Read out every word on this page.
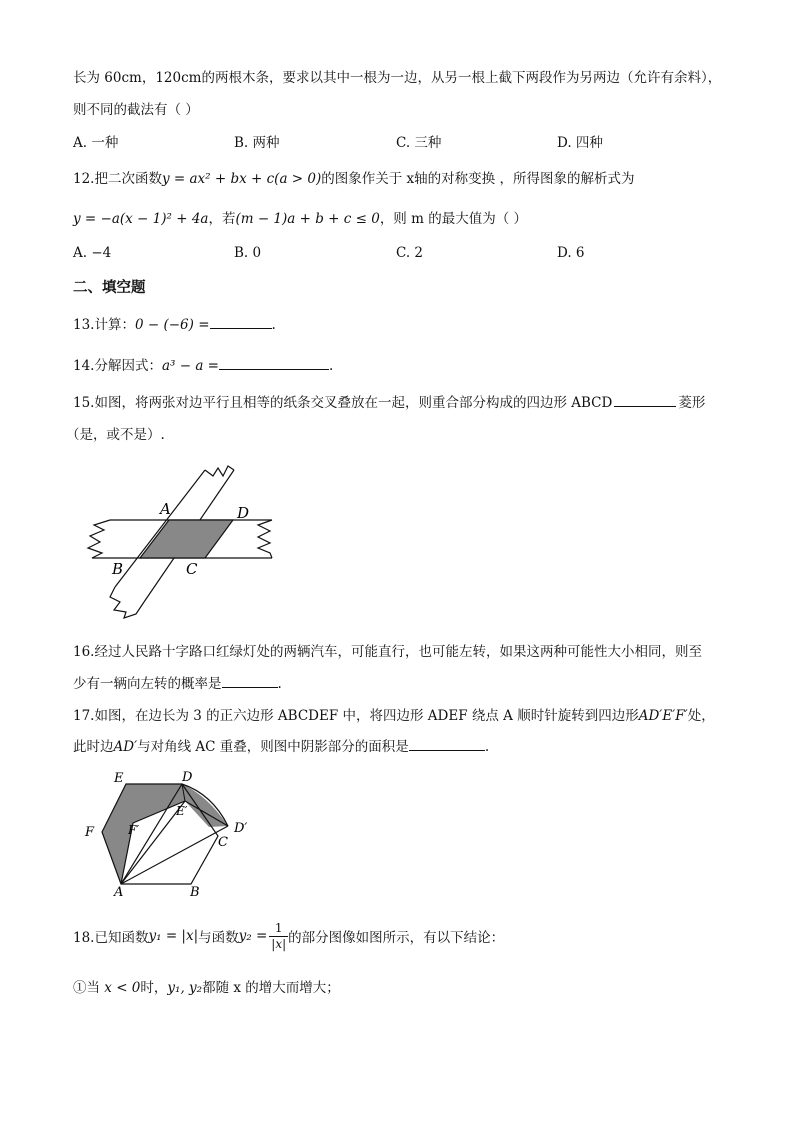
长为 60cm，120cm的两根木条，要求以其中一根为一边，从另一根上截下两段作为另两边（允许有余料），
则不同的截法有（ ）
A. 一种	B. 两种	C. 三种	D. 四种
12.把二次函数y = ax² + bx + c(a > 0)的图象作关于 x轴的对称变换 ，所得图象的解析式为
y = −a(x − 1)² + 4a，若(m − 1)a + b + c ≤ 0，则 m 的最大值为（ ）
A. −4	B. 0	C. 2	D. 6
二、填空题
13.计算：0 − (−6) =	.
14.分解因式：a³ − a =	.
15.如图，将两张对边平行且相等的纸条交叉叠放在一起，则重合部分构成的四边形 ABCD	菱形
（是，或不是）.
A	D
B	C
16.经过人民路十字路口红绿灯处的两辆汽车，可能直行，也可能左转，如果这两种可能性大小相同，则至
少有一辆向左转的概率是	.
17.如图，在边长为 3 的正六边形 ABCDEF 中，将四边形 ADEF 绕点 A 顺时针旋转到四边形AD′E′F′处，
此时边AD′与对角线 AC 重叠，则图中阴影部分的面积是	.
A	B
C
D
E
F
E′
F′	D′
18.已知函数 y₁ = |x| 与函数 $y_2 = \frac{1}{|x|}$ 的部分图像如图所示，有以下结论：
①当 x < 0时，y₁, y₂都随 x 的增大而增大；
